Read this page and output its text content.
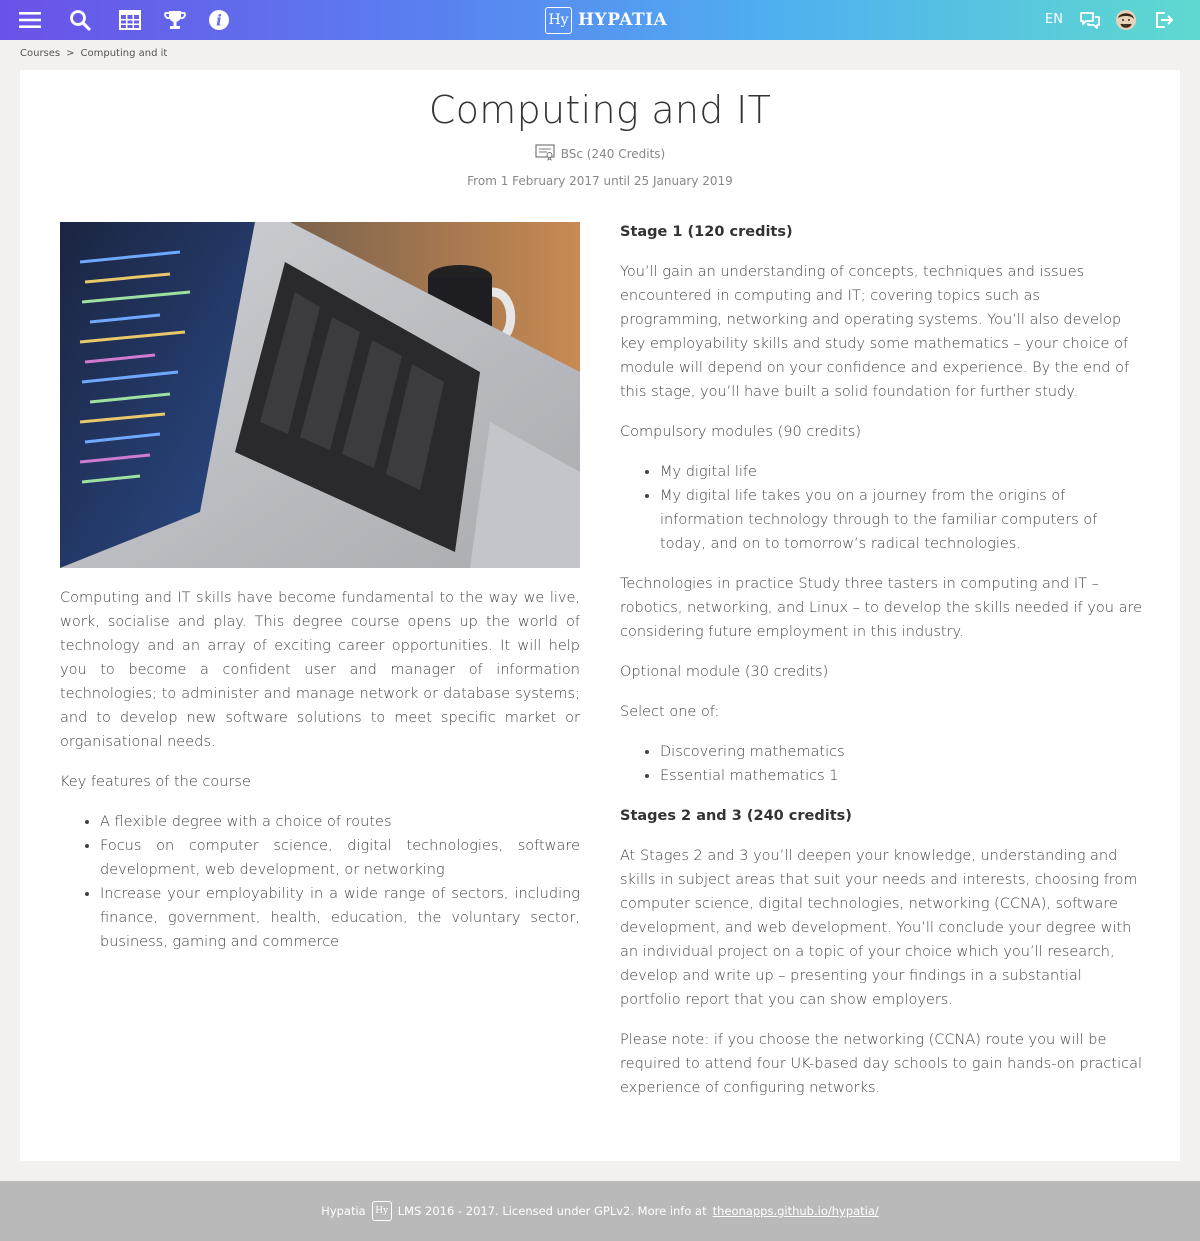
i	Hy HYPATIA	EN
Courses > Computing and it
Computing and IT
BSc (240 Credits)
From 1 February 2017 until 25 January 2019

Computing and IT skills have become fundamental to the way we live, work, socialise and play. This degree course opens up the world of technology and an array of exciting career opportunities. It will help you to become a confident user and manager of information technologies; to administer and manage network or database systems; and to develop new software solutions to meet specific market or organisational needs.

Key features of the course

• A flexible degree with a choice of routes
• Focus on computer science, digital technologies, software development, web development, or networking
• Increase your employability in a wide range of sectors, including finance, government, health, education, the voluntary sector, business, gaming and commerce
Stage 1 (120 credits)

You’ll gain an understanding of concepts, techniques and issues encountered in computing and IT; covering topics such as programming, networking and operating systems. You’ll also develop key employability skills and study some mathematics – your choice of module will depend on your confidence and experience. By the end of this stage, you’ll have built a solid foundation for further study.

Compulsory modules (90 credits)

• My digital life
• My digital life takes you on a journey from the origins of information technology through to the familiar computers of today, and on to tomorrow’s radical technologies.

Technologies in practice Study three tasters in computing and IT – robotics, networking, and Linux – to develop the skills needed if you are considering future employment in this industry.

Optional module (30 credits)

Select one of:

• Discovering mathematics
• Essential mathematics 1
Stages 2 and 3 (240 credits)

At Stages 2 and 3 you’ll deepen your knowledge, understanding and skills in subject areas that suit your needs and interests, choosing from computer science, digital technologies, networking (CCNA), software development, and web development. You’ll conclude your degree with an individual project on a topic of your choice which you’ll research, develop and write up – presenting your findings in a substantial portfolio report that you can show employers.

Please note: if you choose the networking (CCNA) route you will be required to attend four UK-based day schools to gain hands-on practical experience of configuring networks.

Hypatia	Hy LMS 2016 - 2017. Licensed under GPLv2. More info at theonapps.github.io/hypatia/
